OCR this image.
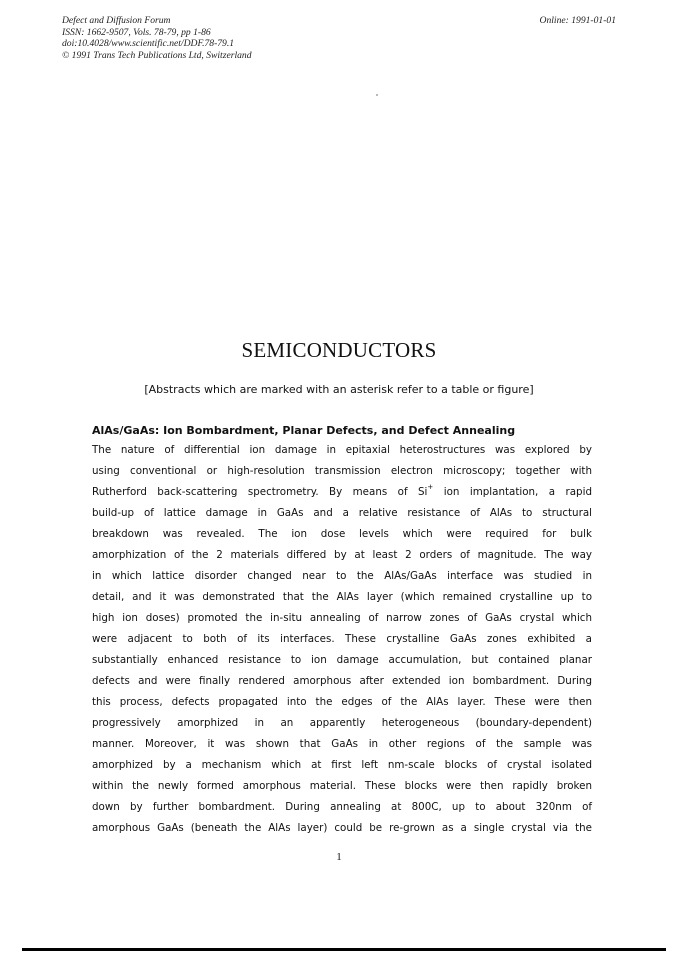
Defect and Diffusion Forum
ISSN: 1662-9507, Vols. 78-79, pp 1-86
doi:10.4028/www.scientific.net/DDF.78-79.1
© 1991 Trans Tech Publications Ltd, Switzerland
Online: 1991-01-01
SEMICONDUCTORS
[Abstracts which are marked with an asterisk refer to a table or figure]
AlAs/GaAs: Ion Bombardment, Planar Defects, and Defect Annealing
The nature of differential ion damage in epitaxial heterostructures was explored by
using conventional or high-resolution transmission electron microscopy; together with
Rutherford back-scattering spectrometry. By means of Si+ ion implantation, a rapid
build-up of lattice damage in GaAs and a relative resistance of AlAs to structural
breakdown was revealed. The ion dose levels which were required for bulk
amorphization of the 2 materials differed by at least 2 orders of magnitude. The way
in which lattice disorder changed near to the AlAs/GaAs interface was studied in
detail, and it was demonstrated that the AlAs layer (which remained crystalline up to
high ion doses) promoted the in-situ annealing of narrow zones of GaAs crystal which
were adjacent to both of its interfaces. These crystalline GaAs zones exhibited a
substantially enhanced resistance to ion damage accumulation, but contained planar
defects and were finally rendered amorphous after extended ion bombardment. During
this process, defects propagated into the edges of the AlAs layer. These were then
progressively amorphized in an apparently heterogeneous (boundary-dependent)
manner. Moreover, it was shown that GaAs in other regions of the sample was
amorphized by a mechanism which at first left nm-scale blocks of crystal isolated
within the newly formed amorphous material. These blocks were then rapidly broken
down by further bombardment. During annealing at 800C, up to about 320nm of
amorphous GaAs (beneath the AlAs layer) could be re-grown as a single crystal via the
1
